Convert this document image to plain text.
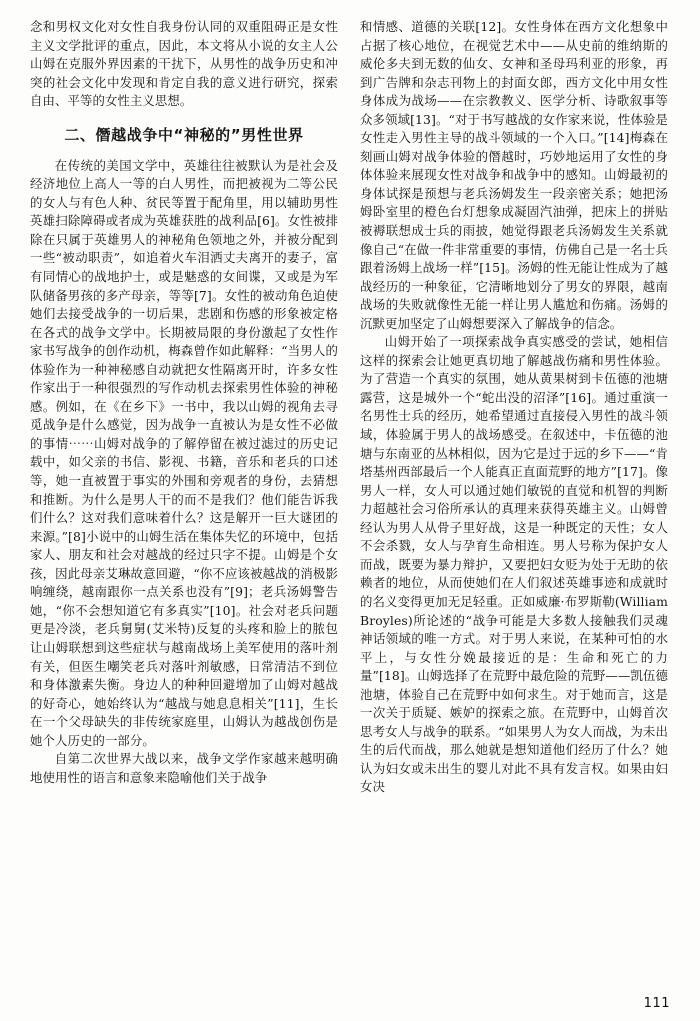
念和男权文化对女性自我身份认同的双重阻碍正是女性主义文学批评的重点，因此，本文将从小说的女主人公山姆在克服外界因素的干扰下，从男性的战争历史和冲突的社会文化中发现和肯定自我的意义进行研究，探索自由、平等的女性主义思想。

二、僭越战争中“神秘的”男性世界

在传统的美国文学中，英雄往往被默认为是社会及经济地位上高人一等的白人男性，而把被视为二等公民的女人与有色人种、贫民等置于配角里，用以辅助男性英雄扫除障碍或者成为英雄获胜的战利品[6]。女性被排除在只属于英雄男人的神秘角色领地之外，并被分配到一些“被动职责”，如追着火车泪洒丈夫离开的妻子，富有同情心的战地护士，或是魅惑的女间谍，又或是为军队储备男孩的多产母亲，等等[7]。女性的被动角色迫使她们去接受战争的一切后果，悲剧和伤感的形象被定格在各式的战争文学中。长期被局限的身份激起了女性作家书写战争的创作动机，梅森曾作如此解释：“当男人的体验作为一种神秘感自动就把女性隔离开时，许多女性作家出于一种很强烈的写作动机去探索男性体验的神秘感。例如，在《在乡下》一书中，我以山姆的视角去寻觅战争是什么感觉，因为战争一直被认为是女性不必做的事情⋯⋯山姆对战争的了解停留在被过滤过的历史记载中，如父亲的书信、影视、书籍，音乐和老兵的口述等，她一直被置于事实的外围和旁观者的身份，去猜想和推断。为什么是男人干的而不是我们？他们能告诉我们什么？这对我们意味着什么？这是解开一巨大谜团的来源。”[8]小说中的山姆生活在集体失忆的环境中，包括家人、朋友和社会对越战的经过只字不提。山姆是个女孩，因此母亲艾琳故意回避，“你不应该被越战的消极影响缠绕，越南跟你一点关系也没有”[9]；老兵汤姆警告她，“你不会想知道它有多真实”[10]。社会对老兵问题更是冷淡，老兵舅舅(艾米特)反复的头疼和脸上的脓包让山姆联想到这些症状与越南战场上美军使用的落叶剂有关，但医生嘲笑老兵对落叶剂敏感，日常清洁不到位和身体激素失衡。身边人的种种回避增加了山姆对越战的好奇心，她始终认为“越战与她息息相关”[11]，生长在一个父母缺失的非传统家庭里，山姆认为越战创伤是她个人历史的一部分。

自第二次世界大战以来，战争文学作家越来越明确地使用性的语言和意象来隐喻他们关于战争

和情感、道德的关联[12]。女性身体在西方文化想象中占据了核心地位，在视觉艺术中——从史前的维纳斯的威伦多夫到无数的仙女、女神和圣母玛利亚的形象，再到广告牌和杂志刊物上的封面女郎，西方文化中用女性身体成为战场——在宗教教义、医学分析、诗歌叙事等众多领域[13]。“对于书写越战的女作家来说，性体验是女性走入男性主导的战斗领域的一个入口。”[14]梅森在刻画山姆对战争体验的僭越时，巧妙地运用了女性的身体体验来展现女性对战争和战争中的感知。山姆最初的身体试探是预想与老兵汤姆发生一段亲密关系；她把汤姆卧室里的橙色台灯想象成凝固汽油弹，把床上的拼贴被褥联想成士兵的雨披，她觉得跟老兵汤姆发生关系就像自己“在做一件非常重要的事情，仿佛自己是一名士兵跟着汤姆上战场一样”[15]。汤姆的性无能让性成为了越战经历的一种象征，它清晰地划分了男女的界限，越南战场的失败就像性无能一样让男人尴尬和伤痛。汤姆的沉默更加坚定了山姆想要深入了解战争的信念。

山姆开始了一项探索战争真实感受的尝试，她相信这样的探索会让她更真切地了解越战伤痛和男性体验。为了营造一个真实的氛围，她从黄果树到卡伍德的池塘露营，这是城外一个“蛇出没的沼泽”[16]。通过重演一名男性士兵的经历，她希望通过直接侵入男性的战斗领域，体验属于男人的战场感受。在叙述中，卡伍德的池塘与东南亚的丛林相似，因为它是过于远的乡下——“肯塔基州西部最后一个人能真正直面荒野的地方”[17]。像男人一样，女人可以通过她们敏锐的直觉和机智的判断力超越社会习俗所承认的真理来获得英雄主义。山姆曾经认为男人从骨子里好战，这是一种既定的天性；女人不会杀戮，女人与孕育生命相连。男人号称为保护女人而战，既要为暴力辩护，又要把妇女贬为处于无助的依赖者的地位，从而使她们在人们叙述英雄事迹和成就时的名义变得更加无足轻重。正如威廉·布罗斯勒(William Broyles)所论述的“战争可能是大多数人接触我们灵魂神话领域的唯一方式。对于男人来说，在某种可怕的水平上，与女性分娩最接近的是：生命和死亡的力量”[18]。山姆选择了在荒野中最危险的荒野——凯伍德池塘，体验自己在荒野中如何求生。对于她而言，这是一次关于质疑、嫉妒的探索之旅。在荒野中，山姆首次思考女人与战争的联系。“如果男人为女人而战，为未出生的后代而战，那么她就是想知道他们经历了什么？她认为妇女或未出生的婴儿对此不具有发言权。如果由妇女决

111
